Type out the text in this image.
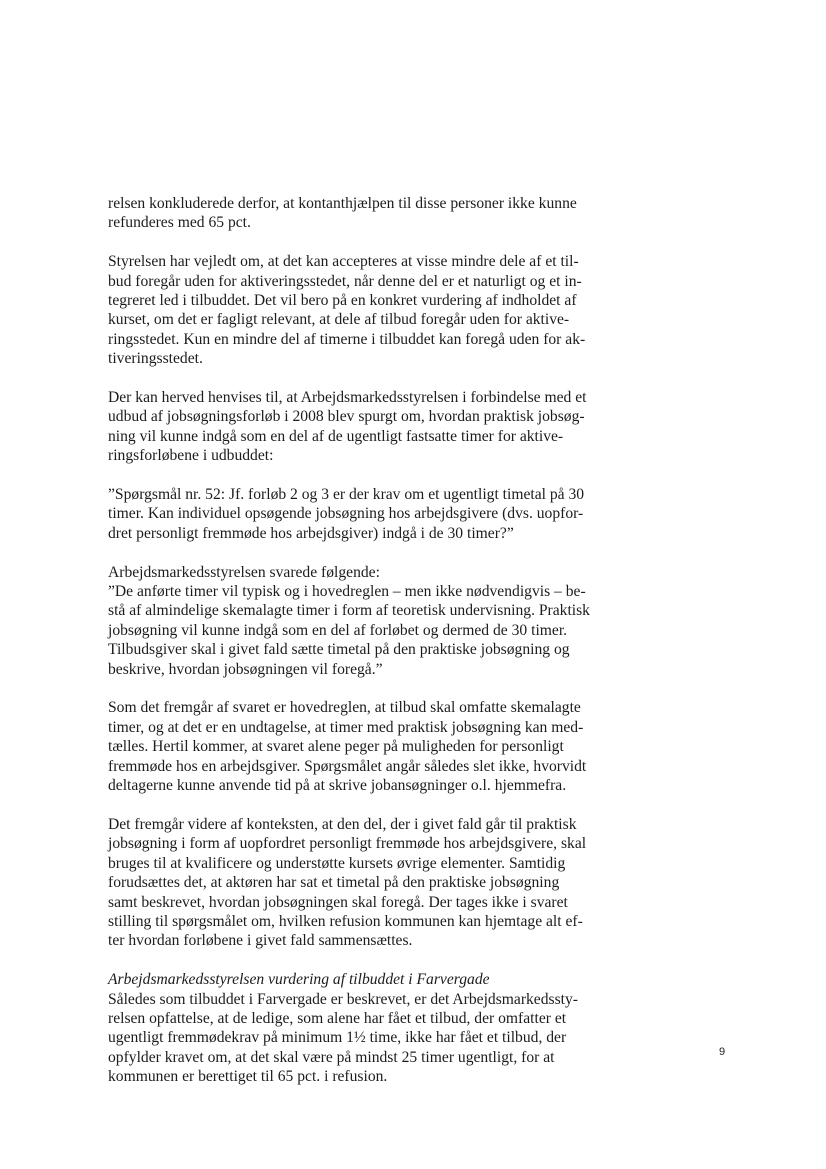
relsen konkluderede derfor, at kontanthjælpen til disse personer ikke kunne
refunderes med 65 pct.
Styrelsen har vejledt om, at det kan accepteres at visse mindre dele af et til-
bud foregår uden for aktiveringsstedet, når denne del er et naturligt og et in-
tegreret led i tilbuddet. Det vil bero på en konkret vurdering af indholdet af
kurset, om det er fagligt relevant, at dele af tilbud foregår uden for aktive-
ringsstedet. Kun en mindre del af timerne i tilbuddet kan foregå uden for ak-
tiveringsstedet.
Der kan herved henvises til, at Arbejdsmarkedsstyrelsen i forbindelse med et
udbud af jobsøgningsforløb i 2008 blev spurgt om, hvordan praktisk jobsøg-
ning vil kunne indgå som en del af de ugentligt fastsatte timer for aktive-
ringsforløbene i udbuddet:
”Spørgsmål nr. 52: Jf. forløb 2 og 3 er der krav om et ugentligt timetal på 30
timer. Kan individuel opsøgende jobsøgning hos arbejdsgivere (dvs. uopfor-
dret personligt fremmøde hos arbejdsgiver) indgå i de 30 timer?”
Arbejdsmarkedsstyrelsen svarede følgende:
”De anførte timer vil typisk og i hovedreglen – men ikke nødvendigvis – be-
stå af almindelige skemalagte timer i form af teoretisk undervisning. Praktisk
jobsøgning vil kunne indgå som en del af forløbet og dermed de 30 timer.
Tilbudsgiver skal i givet fald sætte timetal på den praktiske jobsøgning og
beskrive, hvordan jobsøgningen vil foregå.”
Som det fremgår af svaret er hovedreglen, at tilbud skal omfatte skemalagte
timer, og at det er en undtagelse, at timer med praktisk jobsøgning kan med-
tælles. Hertil kommer, at svaret alene peger på muligheden for personligt
fremmøde hos en arbejdsgiver. Spørgsmålet angår således slet ikke, hvorvidt
deltagerne kunne anvende tid på at skrive jobansøgninger o.l. hjemmefra.
Det fremgår videre af konteksten, at den del, der i givet fald går til praktisk
jobsøgning i form af uopfordret personligt fremmøde hos arbejdsgivere, skal
bruges til at kvalificere og understøtte kursets øvrige elementer. Samtidig
forudsættes det, at aktøren har sat et timetal på den praktiske jobsøgning
samt beskrevet, hvordan jobsøgningen skal foregå. Der tages ikke i svaret
stilling til spørgsmålet om, hvilken refusion kommunen kan hjemtage alt ef-
ter hvordan forløbene i givet fald sammensættes.
Arbejdsmarkedsstyrelsen vurdering af tilbuddet i Farvergade
Således som tilbuddet i Farvergade er beskrevet, er det Arbejdsmarkedssty-
relsen opfattelse, at de ledige, som alene har fået et tilbud, der omfatter et
ugentligt fremmødekrav på minimum 1½ time, ikke har fået et tilbud, der
opfylder kravet om, at det skal være på mindst 25 timer ugentligt, for at
kommunen er berettiget til 65 pct. i refusion.
9
